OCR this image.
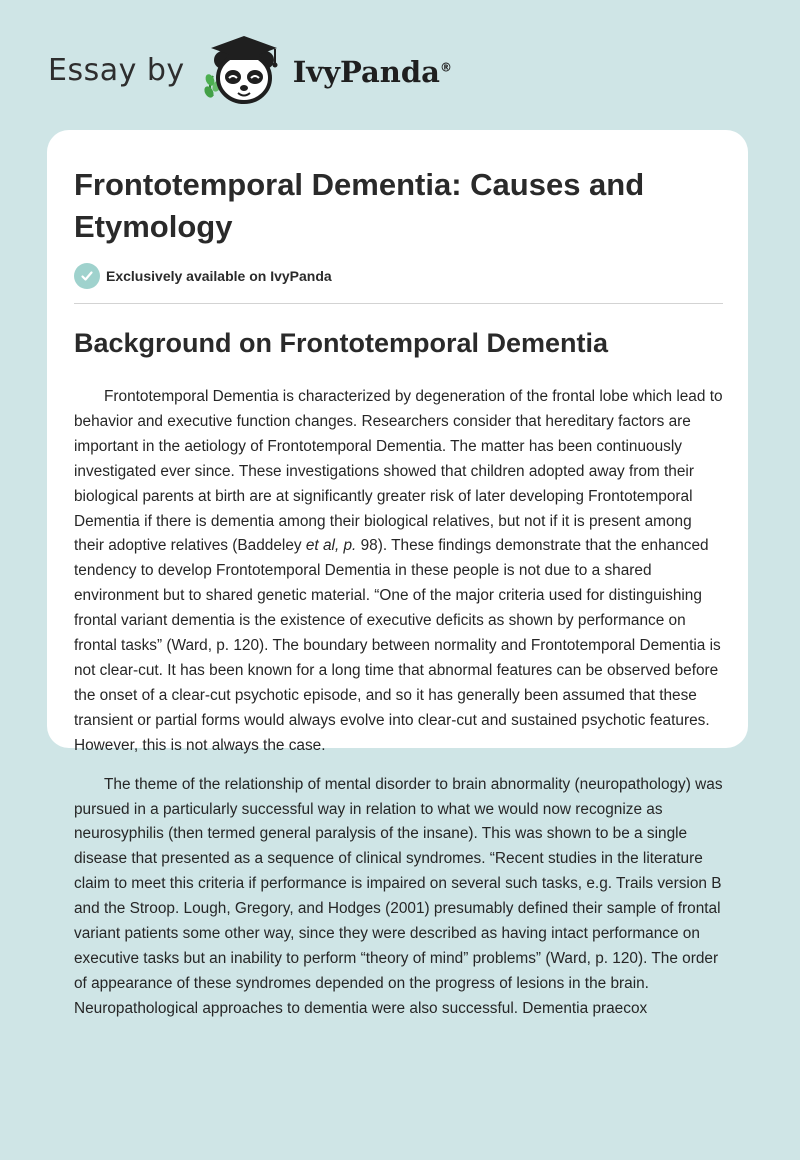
Essay by	IvyPanda®
Frontotemporal Dementia: Causes and Etymology
Exclusively available on IvyPanda
Background on Frontotemporal Dementia

Frontotemporal Dementia is characterized by degeneration of the frontal lobe which lead to behavior and executive function changes. Researchers consider that hereditary factors are important in the aetiology of Frontotemporal Dementia. The matter has been continuously investigated ever since. These investigations showed that children adopted away from their biological parents at birth are at significantly greater risk of later developing Frontotemporal Dementia if there is dementia among their biological relatives, but not if it is present among their adoptive relatives (Baddeley et al, p. 98). These findings demonstrate that the enhanced tendency to develop Frontotemporal Dementia in these people is not due to a shared environment but to shared genetic material. “One of the major criteria used for distinguishing frontal variant dementia is the existence of executive deficits as shown by performance on frontal tasks” (Ward, p. 120). The boundary between normality and Frontotemporal Dementia is not clear-cut. It has been known for a long time that abnormal features can be observed before the onset of a clear-cut psychotic episode, and so it has generally been assumed that these transient or partial forms would always evolve into clear-cut and sustained psychotic features. However, this is not always the case.

The theme of the relationship of mental disorder to brain abnormality (neuropathology) was pursued in a particularly successful way in relation to what we would now recognize as neurosyphilis (then termed general paralysis of the insane). This was shown to be a single disease that presented as a sequence of clinical syndromes. “Recent studies in the literature claim to meet this criteria if performance is impaired on several such tasks, e.g. Trails version B and the Stroop. Lough, Gregory, and Hodges (2001) presumably defined their sample of frontal variant patients some other way, since they were described as having intact performance on executive tasks but an inability to perform “theory of mind” problems” (Ward, p. 120). The order of appearance of these syndromes depended on the progress of lesions in the brain. Neuropathological approaches to dementia were also successful. Dementia praecox
